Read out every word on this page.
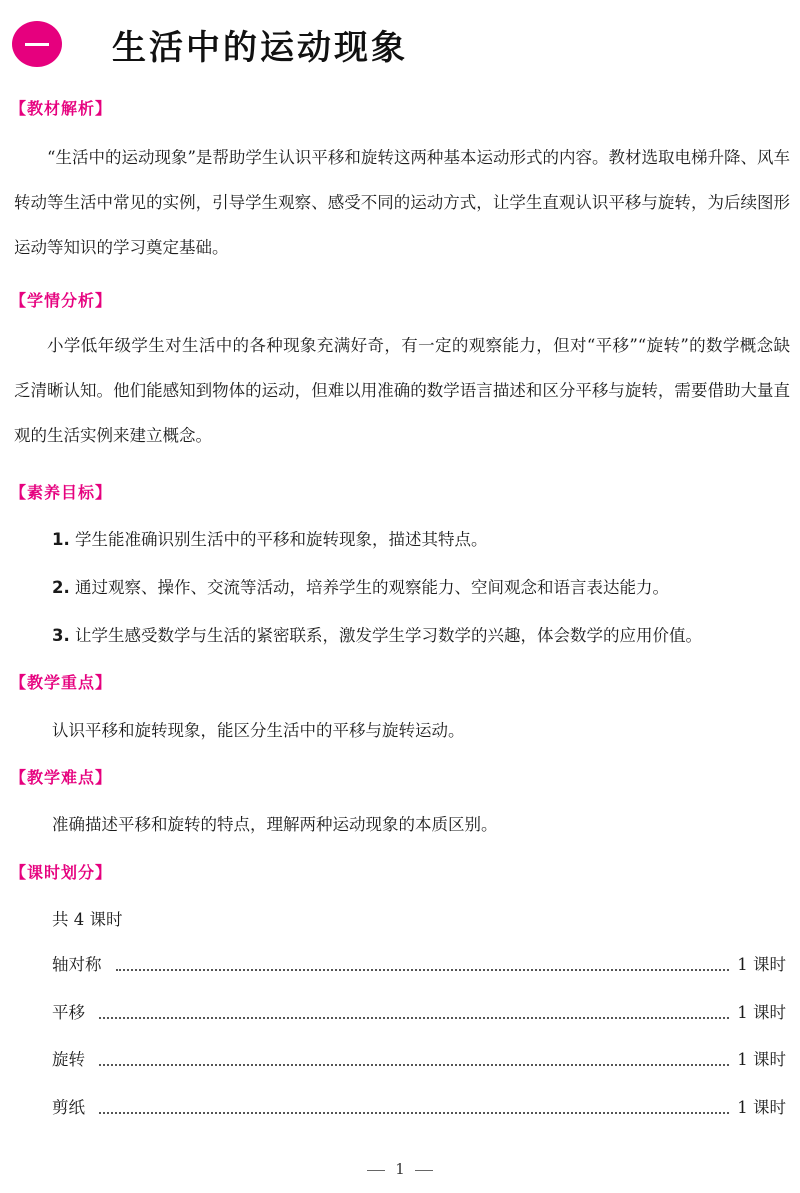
生活中的运动现象
【教材解析】

“生活中的运动现象”是帮助学生认识平移和旋转这两种基本运动形式的内容。教材选取电梯升降、风车转动等生活中常见的实例，引导学生观察、感受不同的运动方式，让学生直观认识平移与旋转，为后续图形运动等知识的学习奠定基础。

【学情分析】

小学低年级学生对生活中的各种现象充满好奇，有一定的观察能力，但对“平移”“旋转”的数学概念缺乏清晰认知。他们能感知到物体的运动，但难以用准确的数学语言描述和区分平移与旋转，需要借助大量直观的生活实例来建立概念。

【素养目标】
1. 学生能准确识别生活中的平移和旋转现象，描述其特点。
2. 通过观察、操作、交流等活动，培养学生的观察能力、空间观念和语言表达能力。
3. 让学生感受数学与生活的紧密联系，激发学生学习数学的兴趣，体会数学的应用价值。
【教学重点】
认识平移和旋转现象，能区分生活中的平移与旋转运动。
【教学难点】
准确描述平移和旋转的特点，理解两种运动现象的本质区别。
【课时划分】
共 4 课时
轴对称	1 课时
平移	1 课时
旋转	1 课时
剪纸	1 课时
1
